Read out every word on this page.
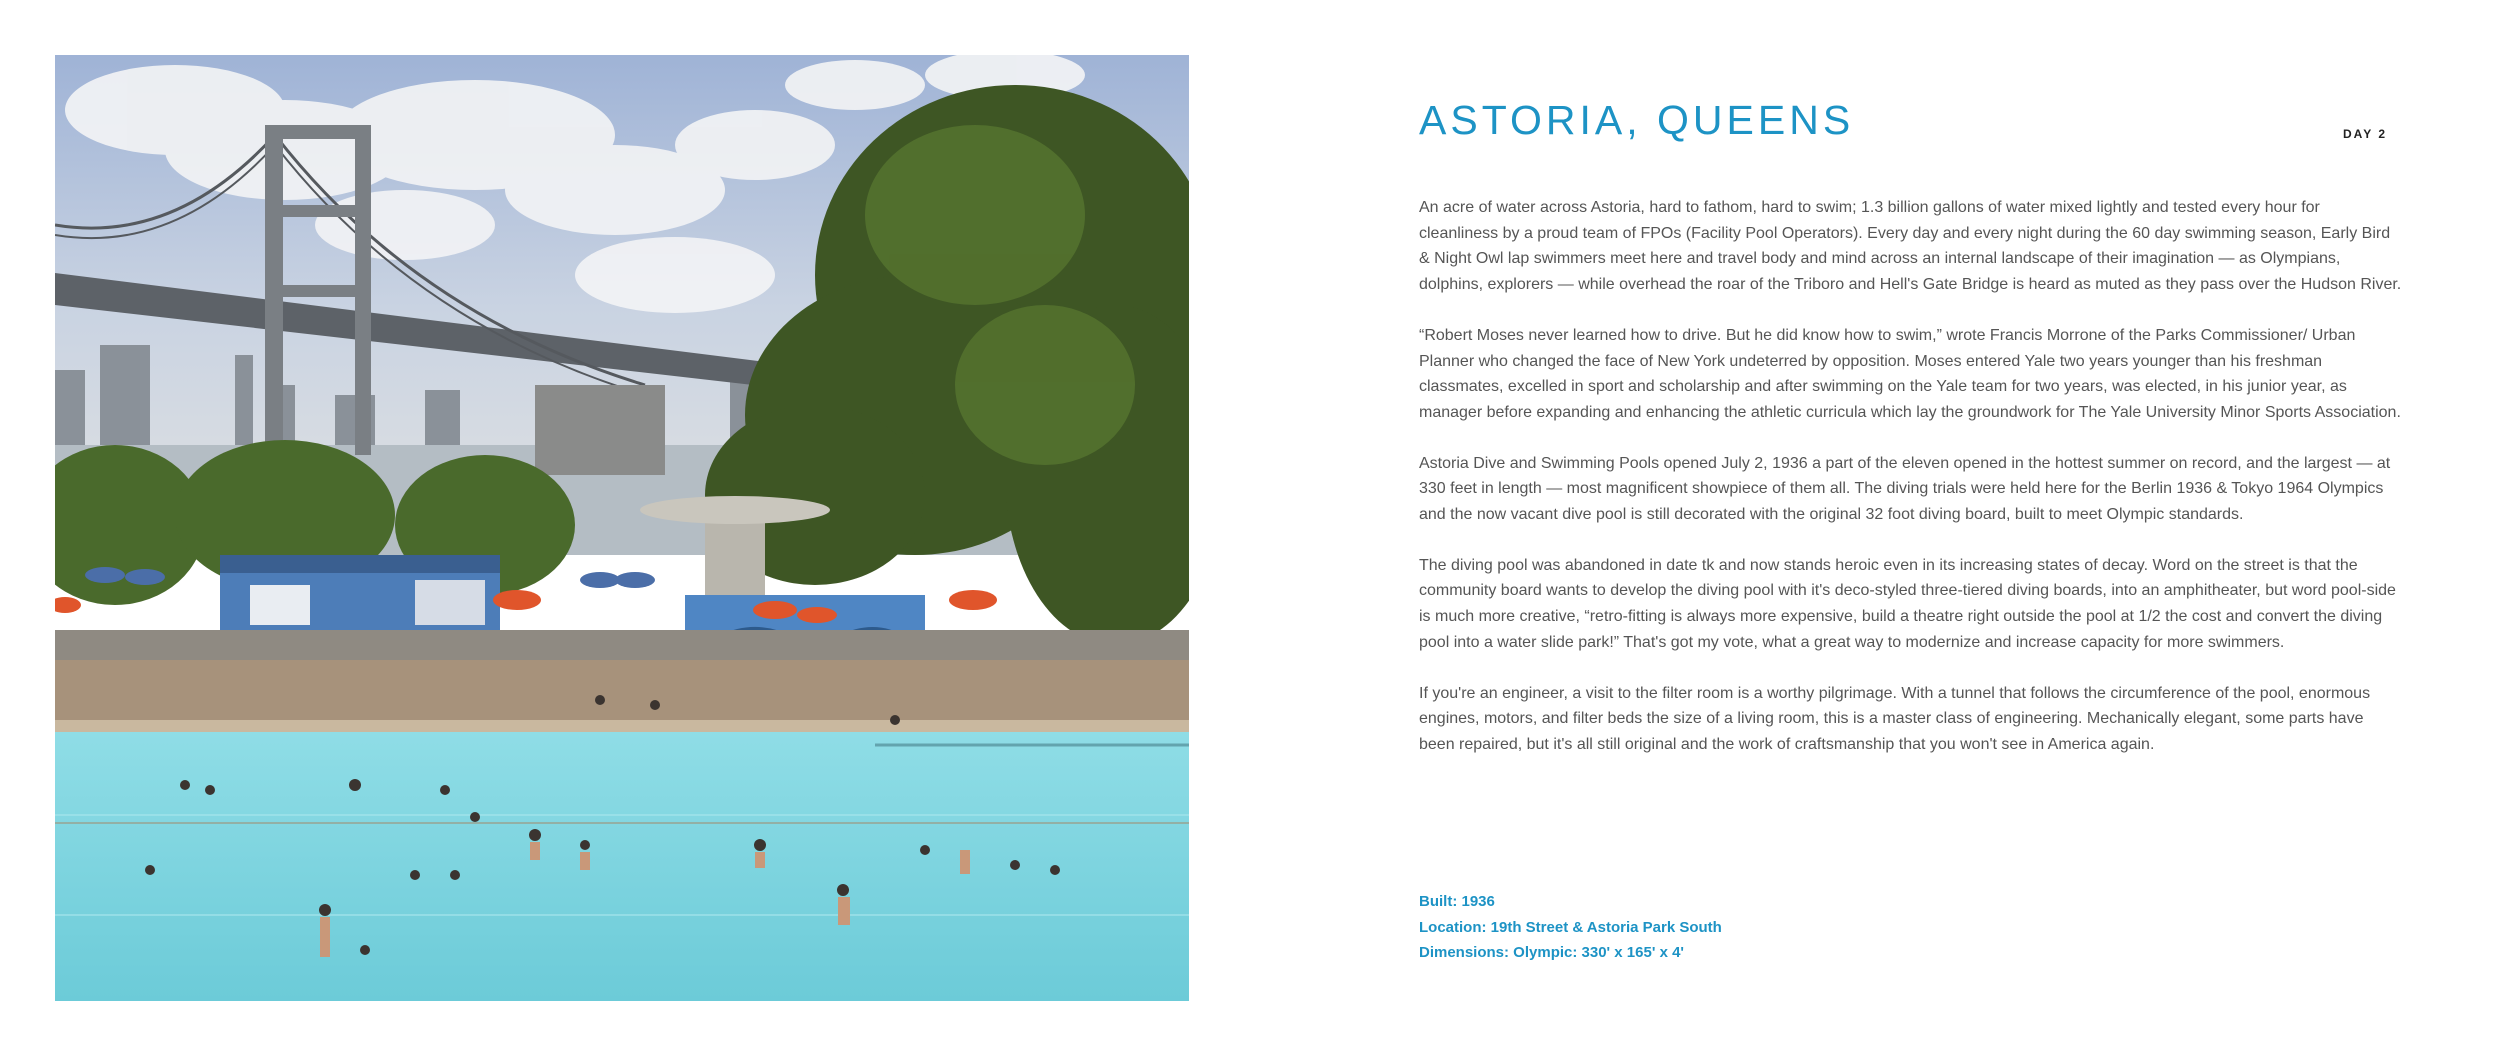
ASTORIA, QUEENS	DAY 2

An acre of water across Astoria, hard to fathom, hard to swim; 1.3 billion gallons of water mixed lightly and tested every hour for cleanliness by a proud team of FPOs (Facility Pool Operators). Every day and every night during the 60 day swimming season, Early Bird & Night Owl lap swimmers meet here and travel body and mind across an internal landscape of their imagination — as Olympians, dolphins, explorers — while overhead the roar of the Triboro and Hell's Gate Bridge is heard as muted as they pass over the Hudson River.

“Robert Moses never learned how to drive. But he did know how to swim,” wrote Francis Morrone of the Parks Commissioner/ Urban Planner who changed the face of New York undeterred by opposition. Moses entered Yale two years younger than his freshman classmates, excelled in sport and scholarship and after swimming on the Yale team for two years, was elected, in his junior year, as manager before expanding and enhancing the athletic curricula which lay the groundwork for The Yale University Minor Sports Association.

Astoria Dive and Swimming Pools opened July 2, 1936 a part of the eleven opened in the hottest summer on record, and the largest — at 330 feet in length — most magnificent showpiece of them all. The diving trials were held here for the Berlin 1936 & Tokyo 1964 Olympics and the now vacant dive pool is still decorated with the original 32 foot diving board, built to meet Olympic standards.

The diving pool was abandoned in date tk and now stands heroic even in its increasing states of decay. Word on the street is that the community board wants to develop the diving pool with it's deco-styled three-tiered diving boards, into an amphitheater, but word pool-side is much more creative, “retro-fitting is always more expensive, build a theatre right outside the pool at 1/2 the cost and convert the diving pool into a water slide park!” That's got my vote, what a great way to modernize and increase capacity for more swimmers.

If you're an engineer, a visit to the filter room is a worthy pilgrimage. With a tunnel that follows the circumference of the pool, enormous engines, motors, and filter beds the size of a living room, this is a master class of engineering. Mechanically elegant, some parts have been repaired, but it's all still original and the work of craftsmanship that you won't see in America again.

Built: 1936
Location: 19th Street & Astoria Park South
Dimensions: Olympic: 330' x 165' x 4'
